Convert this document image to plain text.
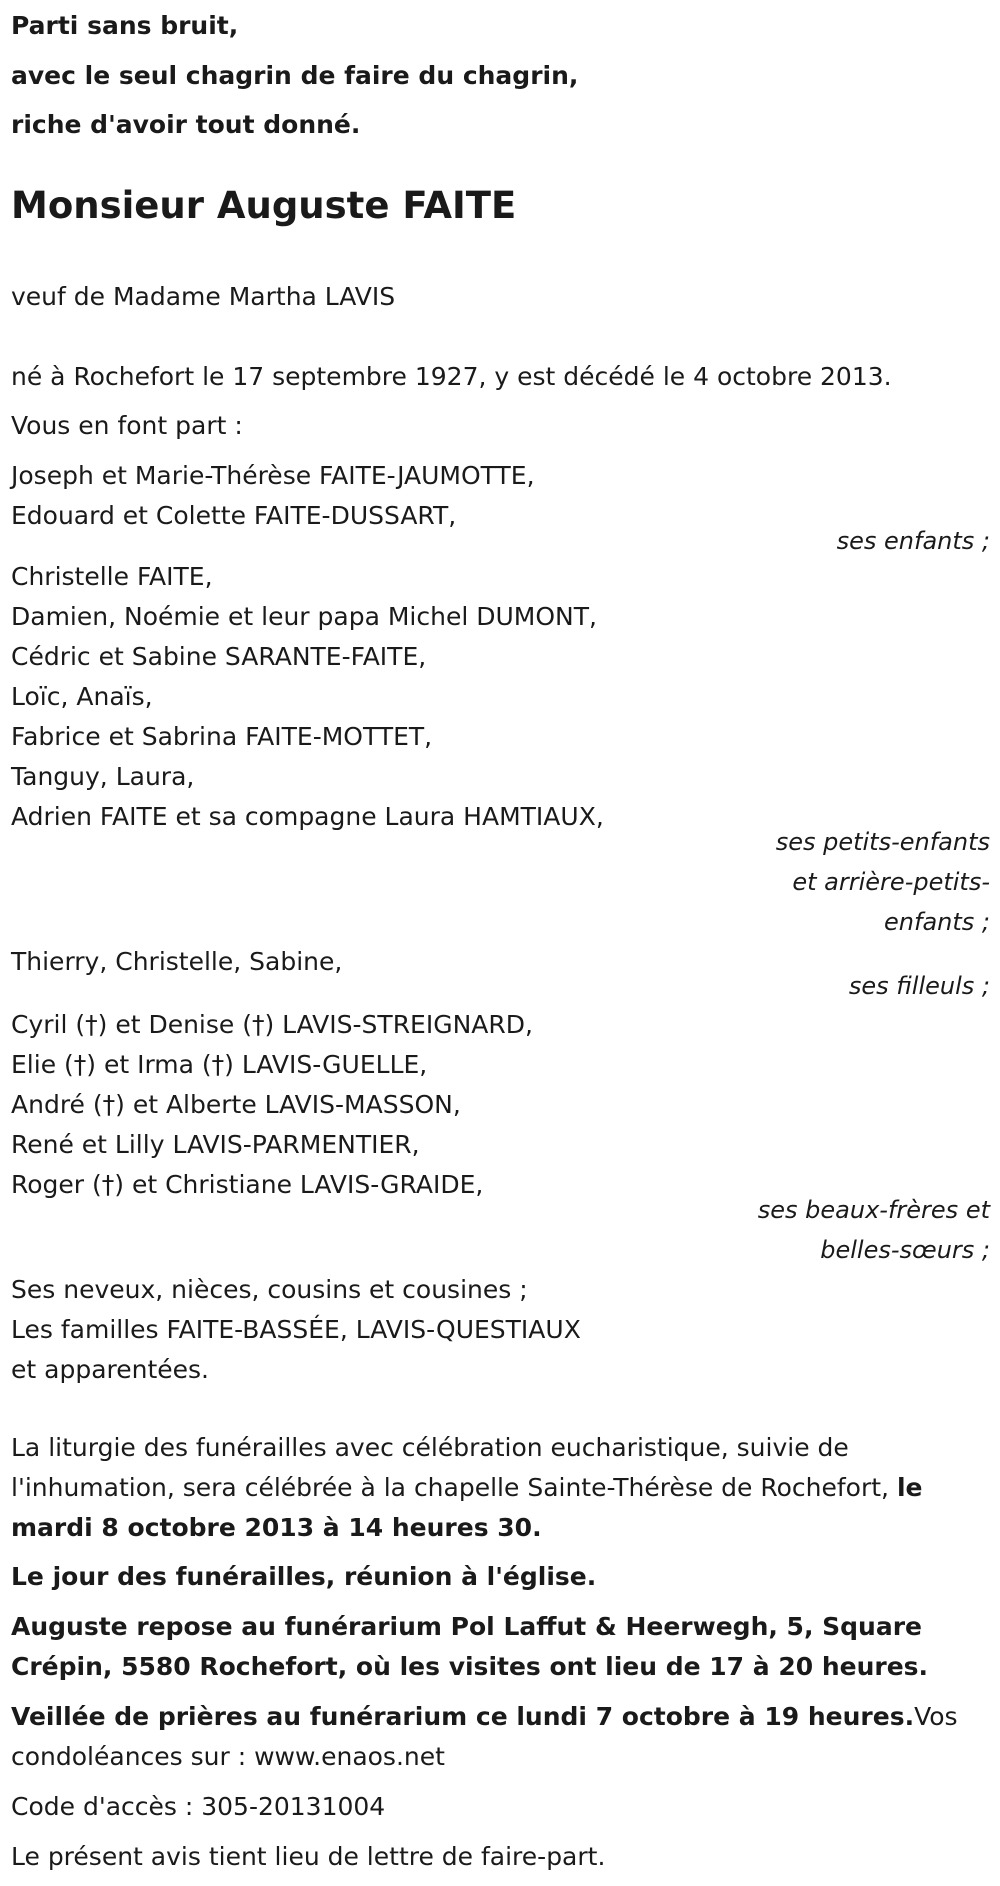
Parti sans bruit,
avec le seul chagrin de faire du chagrin,
riche d'avoir tout donné.
Monsieur Auguste FAITE
veuf de Madame Martha LAVIS
né à Rochefort le 17 septembre 1927, y est décédé le 4 octobre 2013.
Vous en font part :
Joseph et Marie-Thérèse FAITE-JAUMOTTE,
Edouard et Colette FAITE-DUSSART,
ses enfants ;
Christelle FAITE,
Damien, Noémie et leur papa Michel DUMONT,
Cédric et Sabine SARANTE-FAITE,
Loïc, Anaïs,
Fabrice et Sabrina FAITE-MOTTET,
Tanguy, Laura,
Adrien FAITE et sa compagne Laura HAMTIAUX,
ses petits-enfants
et arrière-petits-
enfants ;
Thierry, Christelle, Sabine,
ses filleuls ;
Cyril (†) et Denise (†) LAVIS-STREIGNARD,
Elie (†) et Irma (†) LAVIS-GUELLE,
André (†) et Alberte LAVIS-MASSON,
René et Lilly LAVIS-PARMENTIER,
Roger (†) et Christiane LAVIS-GRAIDE,
ses beaux-frères et
belles-sœurs ;
Ses neveux, nièces, cousins et cousines ;
Les familles FAITE-BASSÉE, LAVIS-QUESTIAUX
et apparentées.
La liturgie des funérailles avec célébration eucharistique, suivie de
l'inhumation, sera célébrée à la chapelle Sainte-Thérèse de Rochefort, le
mardi 8 octobre 2013 à 14 heures 30.
Le jour des funérailles, réunion à l'église.
Auguste repose au funérarium Pol Laffut & Heerwegh, 5, Square
Crépin, 5580 Rochefort, où les visites ont lieu de 17 à 20 heures.
Veillée de prières au funérarium ce lundi 7 octobre à 19 heures.Vos
condoléances sur : www.enaos.net
Code d'accès : 305-20131004
Le présent avis tient lieu de lettre de faire-part.
